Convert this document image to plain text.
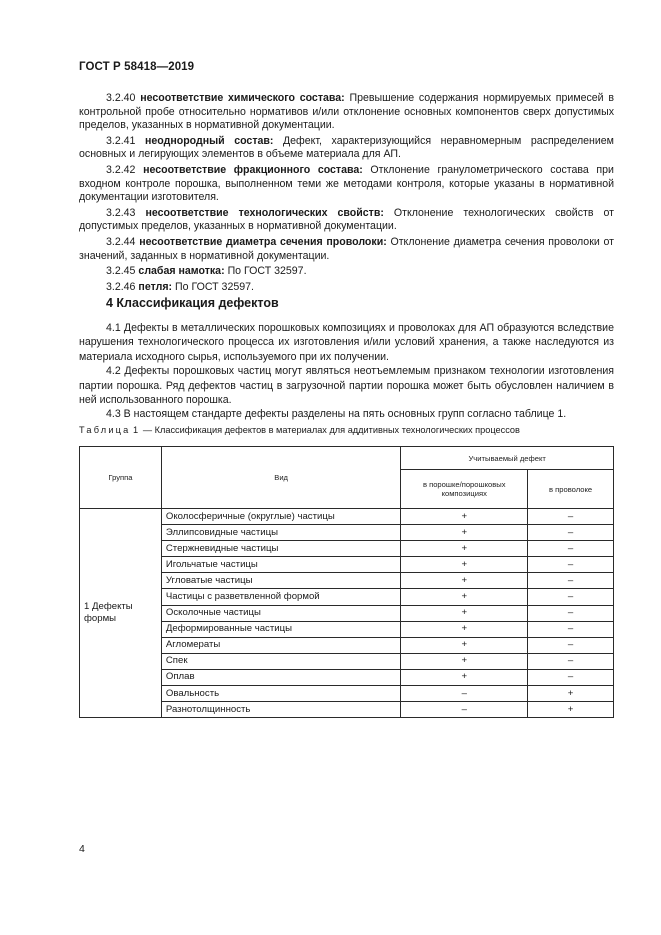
ГОСТ Р 58418—2019

3.2.40 несоответствие химического состава: Превышение содержания нормируемых примесей в контрольной пробе относительно нормативов и/или отклонение основных компонентов сверх допустимых пределов, указанных в нормативной документации.

3.2.41 неоднородный состав: Дефект, характеризующийся неравномерным распределением основных и легирующих элементов в объеме материала для АП.

3.2.42 несоответствие фракционного состава: Отклонение гранулометрического состава при входном контроле порошка, выполненном теми же методами контроля, которые указаны в нормативной документации изготовителя.

3.2.43 несоответствие технологических свойств: Отклонение технологических свойств от допустимых пределов, указанных в нормативной документации.

3.2.44 несоответствие диаметра сечения проволоки: Отклонение диаметра сечения проволоки от значений, заданных в нормативной документации.

3.2.45 слабая намотка: По ГОСТ 32597.

3.2.46 петля: По ГОСТ 32597.

4 Классификация дефектов

4.1 Дефекты в металлических порошковых композициях и проволоках для АП образуются вследствие нарушения технологического процесса их изготовления и/или условий хранения, а также наследуются из материала исходного сырья, используемого при их получении.

4.2 Дефекты порошковых частиц могут являться неотъемлемым признаком технологии изготовления партии порошка. Ряд дефектов частиц в загрузочной партии порошка может быть обусловлен наличием в ней использованного порошка.

4.3 В настоящем стандарте дефекты разделены на пять основных групп согласно таблице 1.

Таблица 1 — Классификация дефектов в материалах для аддитивных технологических процессов
Группа	Вид	Учитываемый дефект	
		в порошке/порошковых композициях	в проволоке
1 Дефекты формы	Околосферичные (округлые) частицы	+	–
	Эллипсовидные частицы	+	–
	Стержневидные частицы	+	–
	Игольчатые частицы	+	–
	Угловатые частицы	+	–
	Частицы с разветвленной формой	+	–
	Осколочные частицы	+	–
	Деформированные частицы	+	–
	Агломераты	+	–
	Спек	+	–
	Оплав	+	–
	Овальность	–	+
	Разнотолщинность	–	+
4
